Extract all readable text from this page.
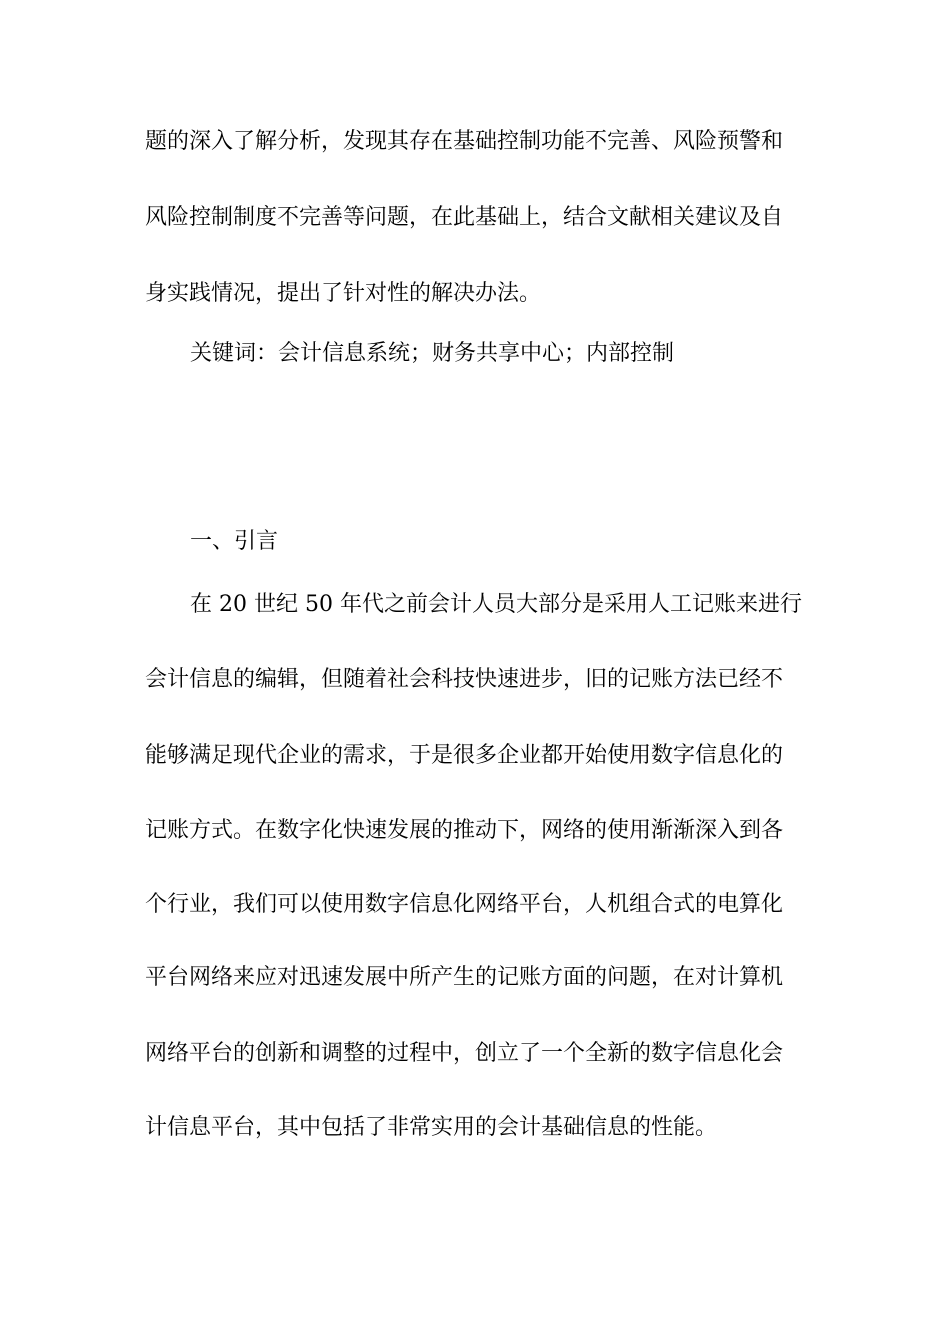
题的深入了解分析，发现其存在基础控制功能不完善、风险预警和
风险控制制度不完善等问题，在此基础上，结合文献相关建议及自
身实践情况，提出了针对性的解决办法。
关键词：会计信息系统；财务共享中心；内部控制
一、引言
在 20 世纪 50 年代之前会计人员大部分是采用人工记账来进行
会计信息的编辑，但随着社会科技快速进步，旧的记账方法已经不
能够满足现代企业的需求，于是很多企业都开始使用数字信息化的
记账方式。在数字化快速发展的推动下，网络的使用渐渐深入到各
个行业，我们可以使用数字信息化网络平台，人机组合式的电算化
平台网络来应对迅速发展中所产生的记账方面的问题，在对计算机
网络平台的创新和调整的过程中，创立了一个全新的数字信息化会
计信息平台，其中包括了非常实用的会计基础信息的性能。
